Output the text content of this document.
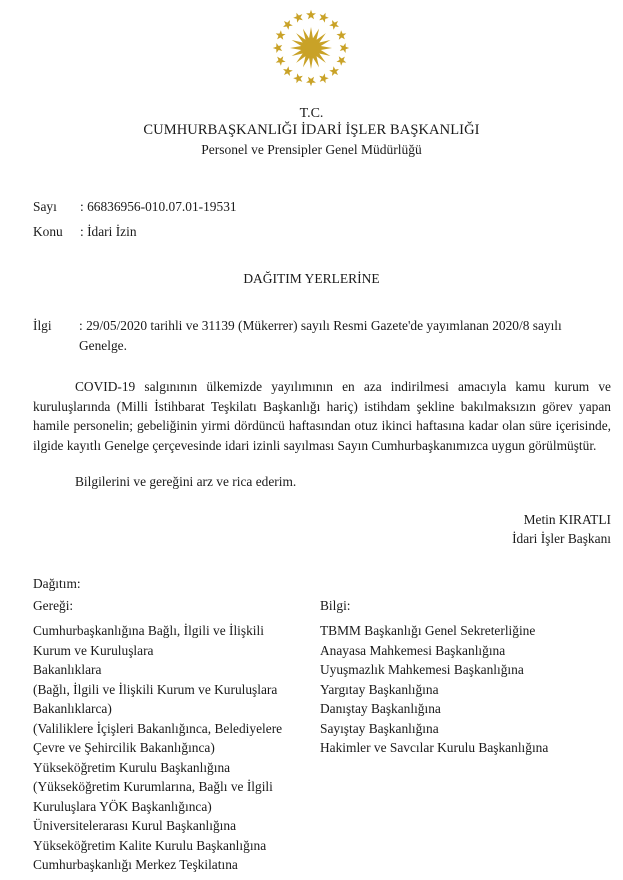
T.C.
CUMHURBAŞKANLIĞI İDARİ İŞLER BAŞKANLIĞI
Personel ve Prensipler Genel Müdürlüğü
Sayı : 66836956-010.07.01-19531
Konu : İdari İzin
DAĞITIM YERLERİNE
İlgi : 29/05/2020 tarihli ve 31139 (Mükerrer) sayılı Resmi Gazete'de yayımlanan 2020/8 sayılı Genelge.

COVID-19 salgınının ülkemizde yayılımının en aza indirilmesi amacıyla kamu kurum ve kuruluşlarında (Milli İstihbarat Teşkilatı Başkanlığı hariç) istihdam şekline bakılmaksızın görev yapan hamile personelin; gebeliğinin yirmi dördüncü haftasından otuz ikinci haftasına kadar olan süre içerisinde, ilgide kayıtlı Genelge çerçevesinde idari izinli sayılması Sayın Cumhurbaşkanımızca uygun görülmüştür.

Bilgilerini ve gereğini arz ve rica ederim.
Metin KIRATLI
İdari İşler Başkanı
Dağıtım:
Gereği:	Bilgi:
Cumhurbaşkanlığına Bağlı, İlgili ve İlişkili
Kurum ve Kuruluşlara
Bakanlıklara
(Bağlı, İlgili ve İlişkili Kurum ve Kuruluşlara
Bakanlıklarca)
(Valiliklere İçişleri Bakanlığınca, Belediyelere
Çevre ve Şehircilik Bakanlığınca)
Yükseköğretim Kurulu Başkanlığına
(Yükseköğretim Kurumlarına, Bağlı ve İlgili
Kuruluşlara YÖK Başkanlığınca)
Üniversitelerarası Kurul Başkanlığına
Yükseköğretim Kalite Kurulu Başkanlığına
Cumhurbaşkanlığı Merkez Teşkilatına
TBMM Başkanlığı Genel Sekreterliğine
Anayasa Mahkemesi Başkanlığına
Uyuşmazlık Mahkemesi Başkanlığına
Yargıtay Başkanlığına
Danıştay Başkanlığına
Sayıştay Başkanlığına
Hakimler ve Savcılar Kurulu Başkanlığına
